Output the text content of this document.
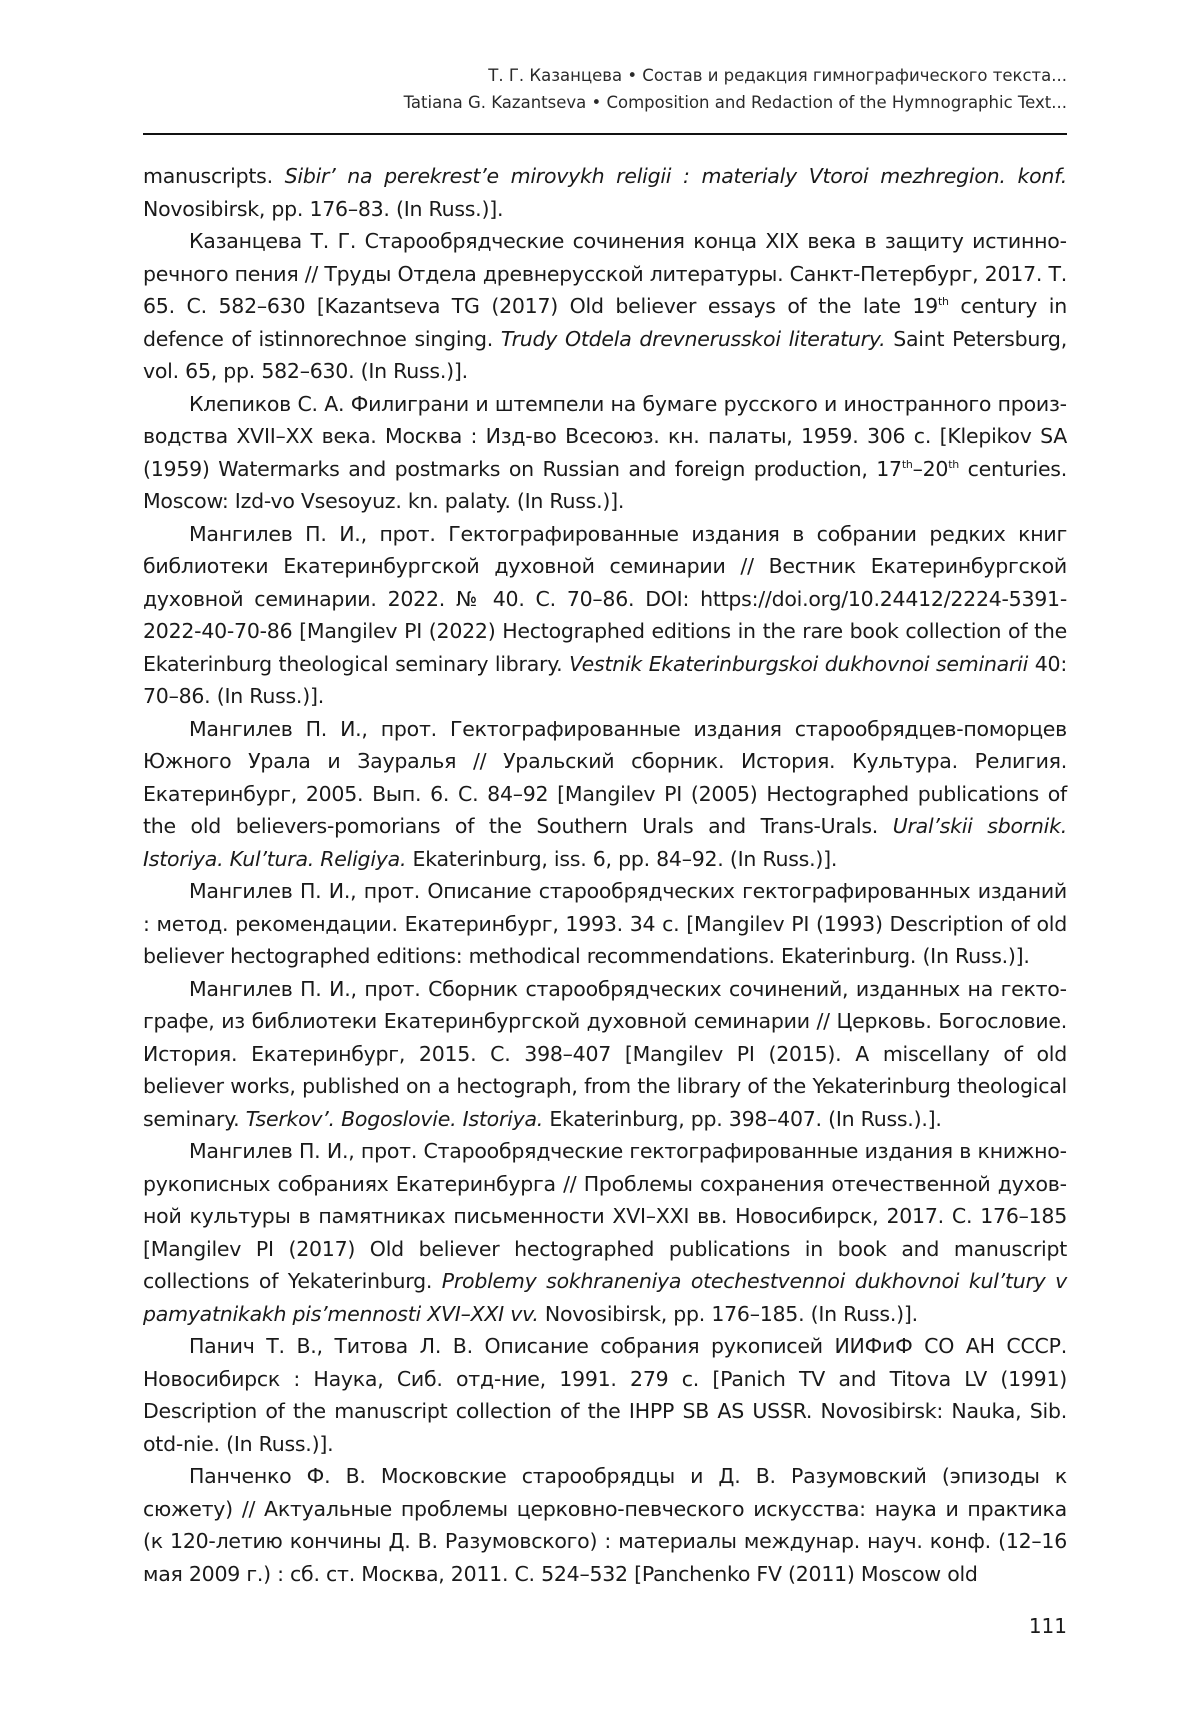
Т. Г. Казанцева • Состав и редакция гимнографического текста...
Tatiana G. Kazantseva • Composition and Redaction of the Hymnographic Text...

manuscripts. Sibir’ na perekrest’e mirovykh religii : materialy Vtoroi mezhregion. konf. Novosibirsk, pp. 176–83. (In Russ.)].

Казанцева Т. Г. Старообрядческие сочинения конца XIX века в защиту истинноречного пения // Труды Отдела древнерусской литературы. Санкт-Петербург, 2017. Т. 65. С. 582–630 [Kazantseva TG (2017) Old believer essays of the late 19th century in defence of istinnorechnoe singing. Trudy Otdela drevnerusskoi literatury. Saint Petersburg, vol. 65, pp. 582–630. (In Russ.)].

Клепиков С. А. Филиграни и штемпели на бумаге русского и иностранного производства XVII–XX века. Москва : Изд-во Всесоюз. кн. палаты, 1959. 306 с. [Klepikov SA (1959) Watermarks and postmarks on Russian and foreign production, 17th–20th centuries. Moscow: Izd-vo Vsesoyuz. kn. palaty. (In Russ.)].

Мангилев П. И., прот. Гектографированные издания в собрании редких книг библиотеки Екатеринбургской духовной семинарии // Вестник Екатеринбургской духовной семинарии. 2022. № 40. С. 70–86. DOI: https://doi.org/10.24412/2224-5391-2022-40-70-86 [Mangilev PI (2022) Hectographed editions in the rare book collection of the Ekaterinburg theological seminary library. Vestnik Ekaterinburgskoi dukhovnoi seminarii 40: 70–86. (In Russ.)].

Мангилев П. И., прот. Гектографированные издания старообрядцев-поморцев Южного Урала и Зауралья // Уральский сборник. История. Культура. Религия. Екатеринбург, 2005. Вып. 6. С. 84–92 [Mangilev PI (2005) Hectographed publications of the old believers-pomorians of the Southern Urals and Trans-Urals. Ural’skii sbornik. Istoriya. Kul’tura. Religiya. Ekaterinburg, iss. 6, pp. 84–92. (In Russ.)].

Мангилев П. И., прот. Описание старообрядческих гектографированных изданий : метод. рекомендации. Екатеринбург, 1993. 34 с. [Mangilev PI (1993) Description of old believer hectographed editions: methodical recommendations. Ekaterinburg. (In Russ.)].

Мангилев П. И., прот. Сборник старообрядческих сочинений, изданных на гектографе, из библиотеки Екатеринбургской духовной семинарии // Церковь. Богословие. История. Екатеринбург, 2015. С. 398–407 [Mangilev PI (2015). A miscellany of old believer works, published on a hectograph, from the library of the Yekaterinburg theological seminary. Tserkov’. Bogoslovie. Istoriya. Ekaterinburg, pp. 398–407. (In Russ.).].

Мангилев П. И., прот. Старообрядческие гектографированные издания в книжнорукописных собраниях Екатеринбурга // Проблемы сохранения отечественной духовной культуры в памятниках письменности XVI–XXI вв. Новосибирск, 2017. С. 176–185 [Mangilev PI (2017) Old believer hectographed publications in book and manuscript collections of Yekaterinburg. Problemy sokhraneniya otechestvennoi dukhovnoi kul’tury v pamyatnikakh pis’mennosti XVI–XXI vv. Novosibirsk, pp. 176–185. (In Russ.)].

Панич Т. В., Титова Л. В. Описание собрания рукописей ИИФиФ СО АН СССР. Новосибирск : Наука, Сиб. отд-ние, 1991. 279 с. [Panich TV and Titova LV (1991) Description of the manuscript collection of the IHPP SB AS USSR. Novosibirsk: Nauka, Sib. otd-nie. (In Russ.)].

Панченко Ф. В. Московские старообрядцы и Д. В. Разумовский (эпизоды к сюжету) // Актуальные проблемы церковно-певческого искусства: наука и практика (к 120-летию кончины Д. В. Разумовского) : материалы междунар. науч. конф. (12–16 мая 2009 г.) : сб. ст. Москва, 2011. С. 524–532 [Panchenko FV (2011) Moscow old

111
